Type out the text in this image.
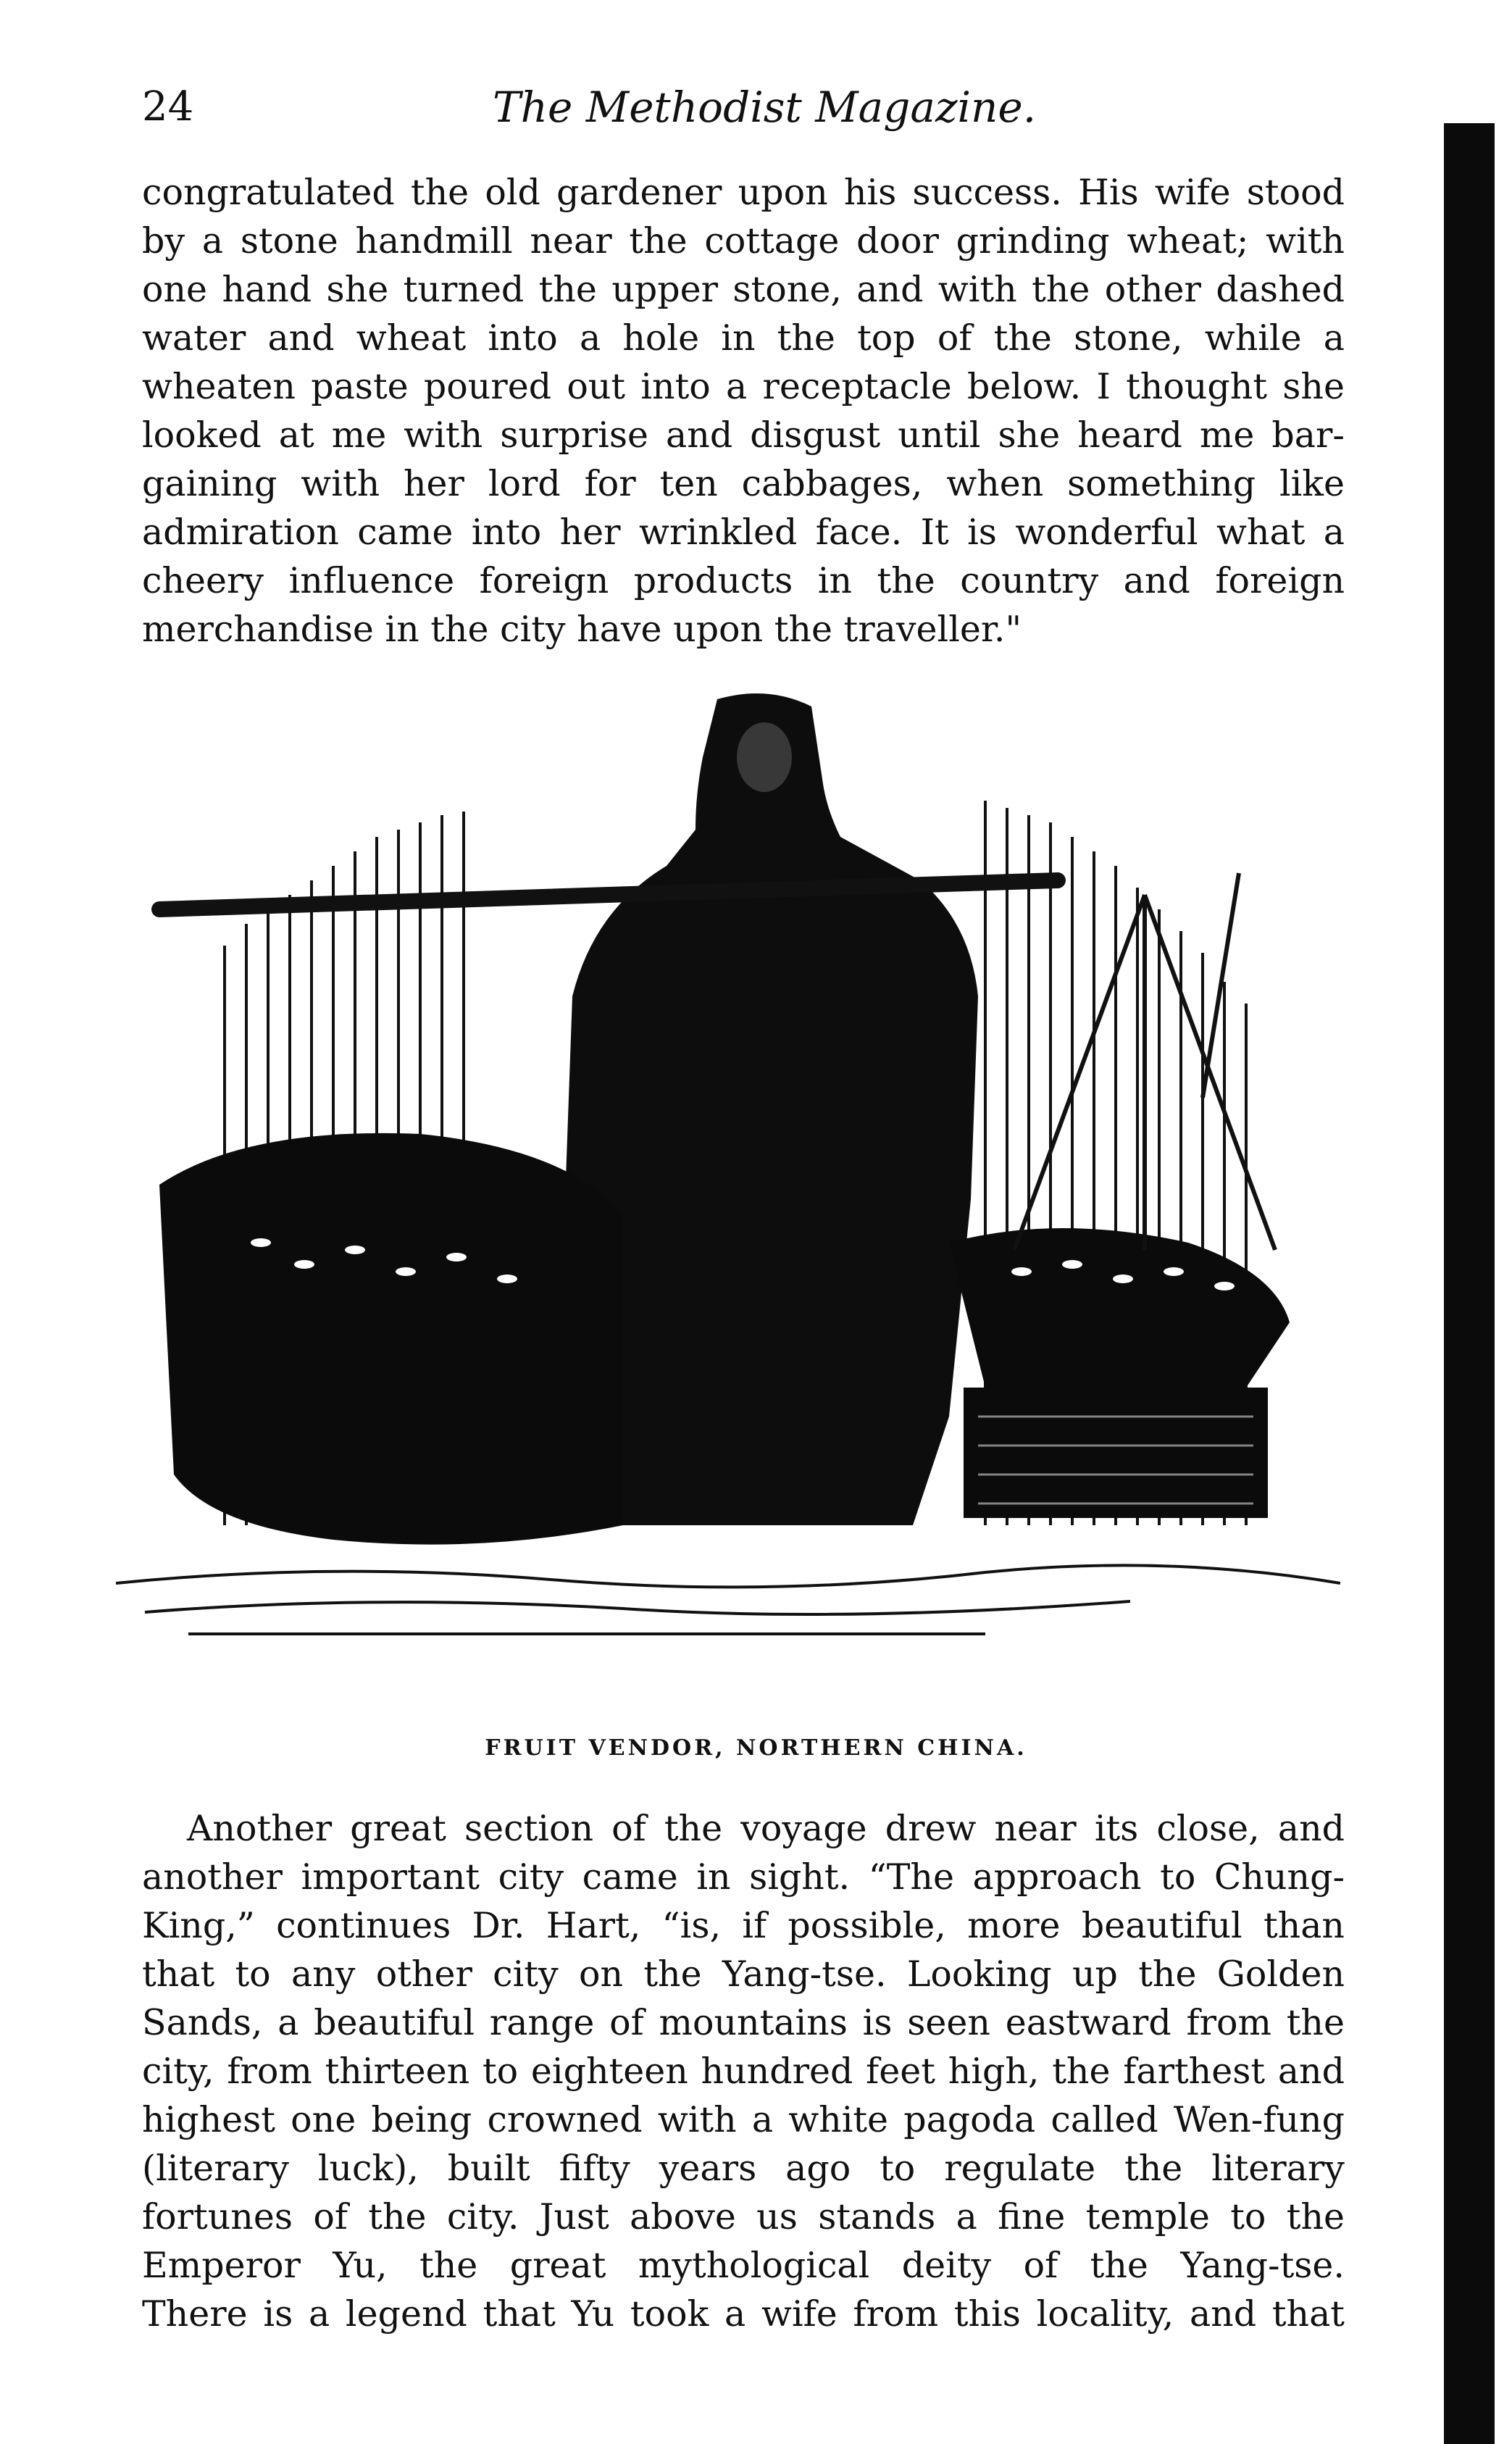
24	The Methodist Magazine.
congratulated the old gardener upon his success. His wife stood
by a stone handmill near the cottage door grinding wheat; with
one hand she turned the upper stone, and with the other dashed
water and wheat into a hole in the top of the stone, while a
wheaten paste poured out into a receptacle below. I thought she
looked at me with surprise and disgust until she heard me bar-
gaining with her lord for ten cabbages, when something like
admiration came into her wrinkled face. It is wonderful what a
cheery influence foreign products in the country and foreign
merchandise in the city have upon the traveller."
FRUIT VENDOR, NORTHERN CHINA.
Another great section of the voyage drew near its close, and
another important city came in sight. “The approach to Chung-
King,” continues Dr. Hart, “is, if possible, more beautiful than
that to any other city on the Yang-tse. Looking up the Golden
Sands, a beautiful range of mountains is seen eastward from the
city, from thirteen to eighteen hundred feet high, the farthest and
highest one being crowned with a white pagoda called Wen-fung
(literary luck), built fifty years ago to regulate the literary
fortunes of the city. Just above us stands a fine temple to the
Emperor Yu, the great mythological deity of the Yang-tse.
There is a legend that Yu took a wife from this locality, and that
